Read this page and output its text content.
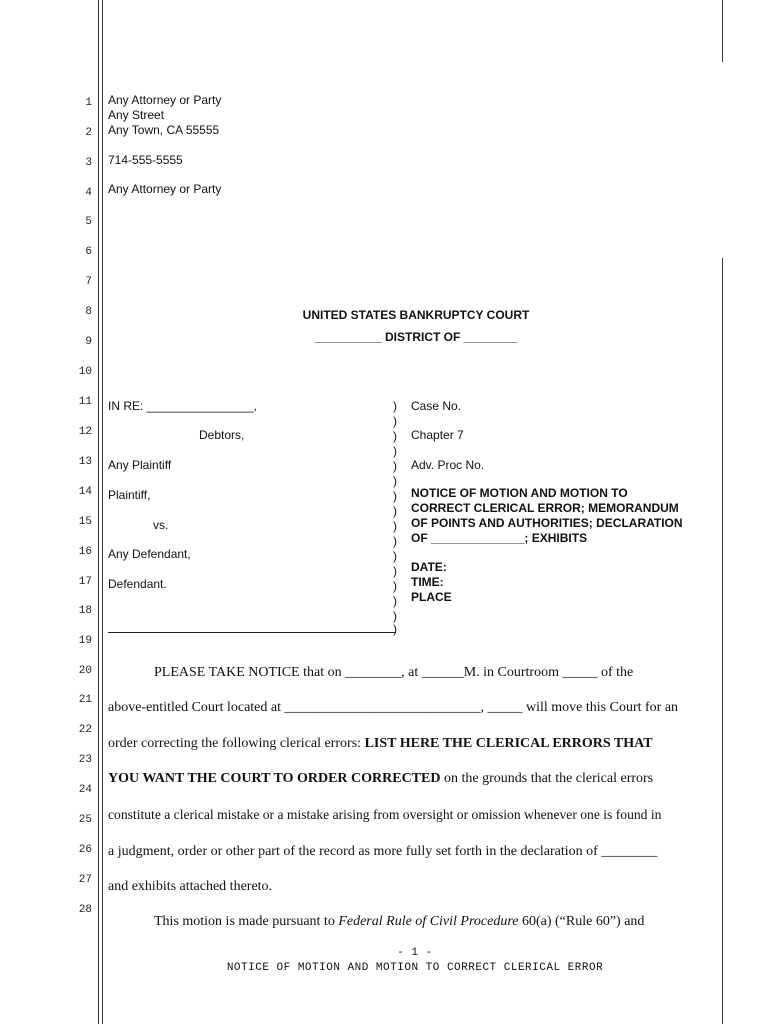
1
2
3
4
5
6
7
8
9
10
11
12
13
14
15
16
17
18
19
20
21
22
23
24
25
26
27
28
Any Attorney or Party
Any Street
Any Town, CA 55555
714-555-5555
Any Attorney or Party
UNITED STATES BANKRUPTCY COURT
__________ DISTRICT OF ________
IN RE: ________________,
Debtors,
Any Plaintiff
Plaintiff,
vs.
Any Defendant,
Defendant.
)
)
)
)
)
)
)
)
)
)
)
)
)
)
)
)
Case No.
Chapter 7
Adv. Proc No.
NOTICE OF MOTION AND MOTION TO
CORRECT CLERICAL ERROR; MEMORANDUM
OF POINTS AND AUTHORITIES; DECLARATION
OF ______________; EXHIBITS
DATE:
TIME:
PLACE
PLEASE TAKE NOTICE that on ________, at ______M. in Courtroom _____ of the
above-entitled Court located at ____________________________, _____ will move this Court for an
order correcting the following clerical errors: LIST HERE THE CLERICAL ERRORS THAT
YOU WANT THE COURT TO ORDER CORRECTED on the grounds that the clerical errors
constitute a clerical mistake or a mistake arising from oversight or omission whenever one is found in
a judgment, order or other part of the record as more fully set forth in the declaration of ________
and exhibits attached thereto.
This motion is made pursuant to Federal Rule of Civil Procedure 60(a) (“Rule 60”) and
- 1 -
NOTICE OF MOTION AND MOTION TO CORRECT CLERICAL ERROR
